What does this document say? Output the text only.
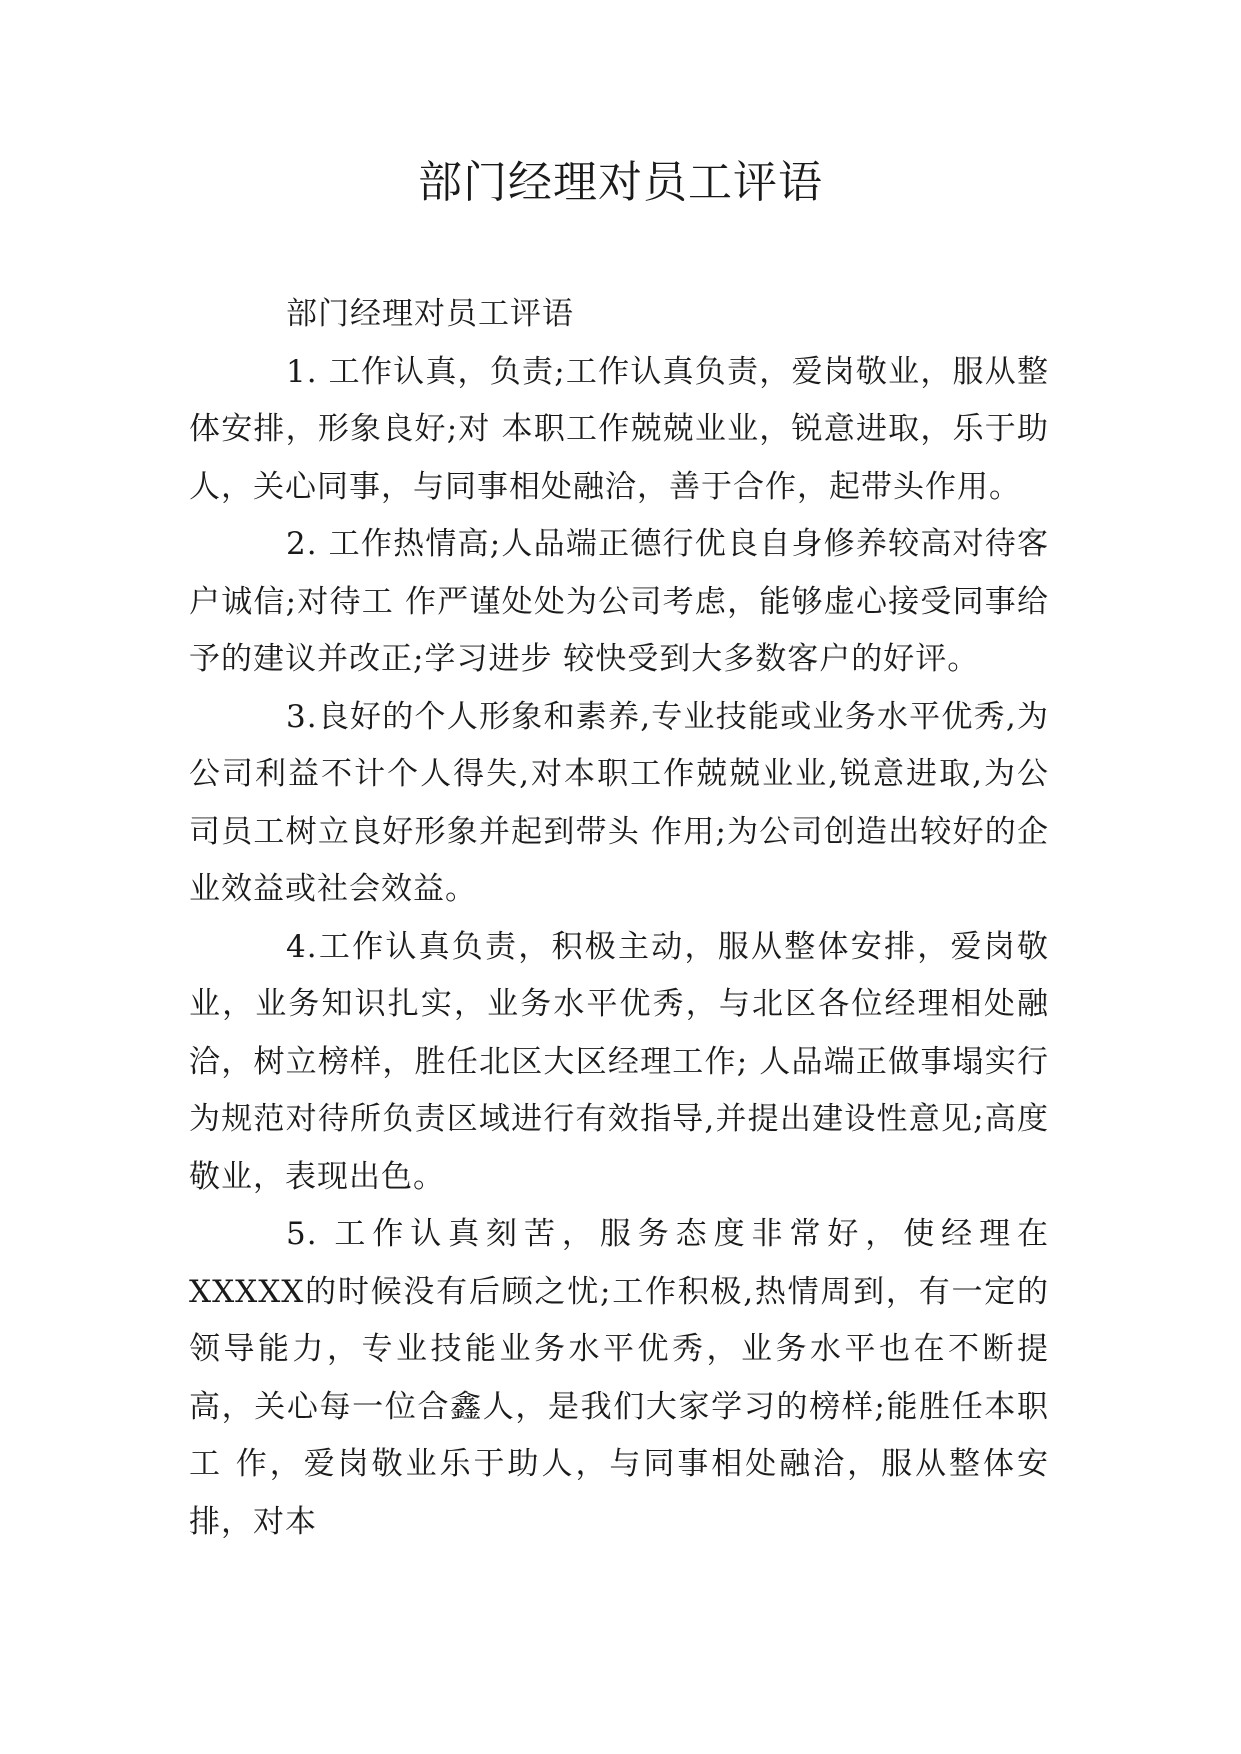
部门经理对员工评语

部门经理对员工评语

1. 工作认真，负责;工作认真负责，爱岗敬业，服从整体安排，形象良好;对 本职工作兢兢业业，锐意进取，乐于助人，关心同事，与同事相处融洽，善于合作，起带头作用。

2. 工作热情高;人品端正德行优良自身修养较高对待客户诚信;对待工 作严谨处处为公司考虑，能够虚心接受同事给予的建议并改正;学习进步 较快受到大多数客户的好评。

3.良好的个人形象和素养,专业技能或业务水平优秀,为公司利益不计个人得失,对本职工作兢兢业业,锐意进取,为公司员工树立良好形象并起到带头 作用;为公司创造出较好的企业效益或社会效益。

4.工作认真负责，积极主动，服从整体安排，爱岗敬业，业务知识扎实，业务水平优秀，与北区各位经理相处融洽，树立榜样，胜任北区大区经理工作; 人品端正做事塌实行为规范对待所负责区域进行有效指导,并提出建设性意见;高度敬业，表现出色。

5. 工作认真刻苦，服务态度非常好，使经理在 XXXXX的时候没有后顾之忧;工作积极,热情周到，有一定的领导能力，专业技能业务水平优秀，业务水平也在不断提高，关心每一位合鑫人，是我们大家学习的榜样;能胜任本职工 作，爱岗敬业乐于助人，与同事相处融洽，服从整体安排，对本
